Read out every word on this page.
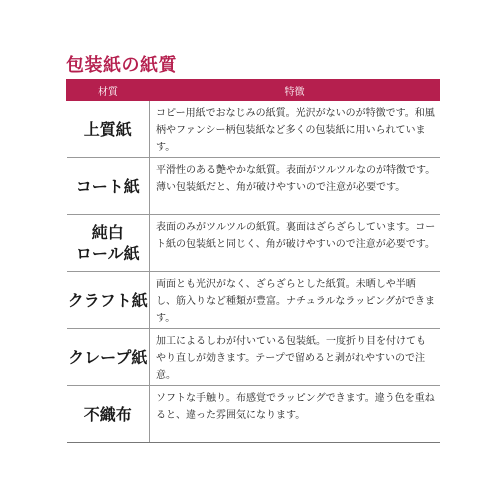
包装紙の紙質
材質	特徴
上質紙	コピー用紙でおなじみの紙質。光沢がないのが特徴です。和風柄やファンシー柄包装紙など多くの包装紙に用いられています。
コート紙	平滑性のある艶やかな紙質。表面がツルツルなのが特徴です。薄い包装紙だと、角が破けやすいので注意が必要です。

純白
ロール紙	表面のみがツルツルの紙質。裏面はざらざらしています。コート紙の包装紙と同じく、角が破けやすいので注意が必要です。
クラフト紙	両面とも光沢がなく、ざらざらとした紙質。未晒しや半晒し、筋入りなど種類が豊富。ナチュラルなラッピングができます。
クレープ紙	加工によるしわが付いている包装紙。一度折り目を付けてもやり直しが効きます。テープで留めると剥がれやすいので注意。
不織布	ソフトな手触り。布感覚でラッピングできます。違う色を重ねると、違った雰囲気になります。
